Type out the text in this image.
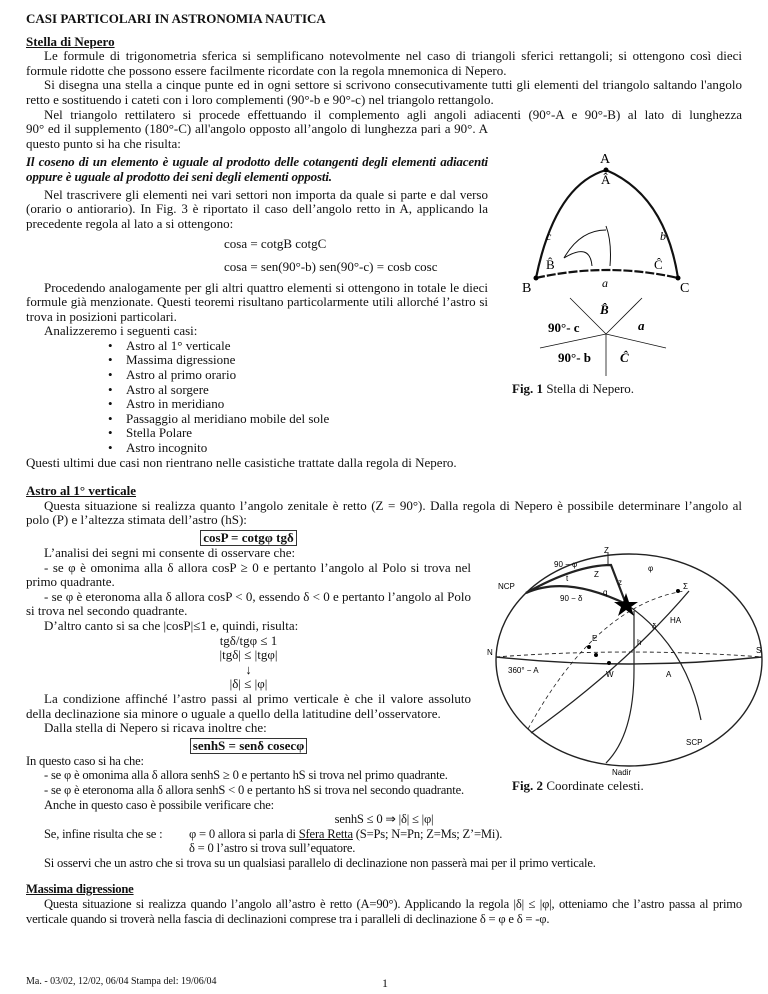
CASI PARTICOLARI IN ASTRONOMIA NAUTICA
Stella di Nepero

Le formule di trigonometria sferica si semplificano notevolmente nel caso di triangoli sferici rettangoli; si ottengono così dieci formule ridotte che possono essere facilmente ricordate con la regola mnemonica di Nepero.

Si disegna una stella a cinque punte ed in ogni settore si scrivono consecutivamente tutti gli elementi del triangolo saltando l'angolo retto e sostituendo i cateti con i loro complementi (90°-b e 90°-c) nel triangolo rettangolo.

Nel triangolo rettilatero si procede effettuando il complemento agli angoli adiacenti (90°-A e 90°-B) al lato di lunghezza

90° ed il supplemento (180°-C) all'angolo opposto all’angolo di lunghezza pari a 90°. A questo punto si ha che risulta:

Il coseno di un elemento è uguale al prodotto delle cotangenti degli elementi adiacenti oppure è uguale al prodotto dei seni degli elementi opposti.

Nel trascrivere gli elementi nei vari settori non importa da quale si parte e dal verso (orario o antiorario). In Fig. 3 è riportato il caso dell’angolo retto in A, applicando la precedente regola al lato a si ottengono:

cosa = cotgB cotgC
cosa = sen(90°-b) sen(90°-c) = cosb cosc

Procedendo analogamente per gli altri quattro elementi si ottengono in totale le dieci formule già menzionate. Questi teoremi risultano particolarmente utili allorché l’astro si trova in posizioni particolari.

Analizzeremo i seguenti casi:

• Astro al 1° verticale
• Massima digressione
• Astro al primo orario
• Astro al sorgere
• Astro in meridiano
• Passaggio al meridiano mobile del sole
• Stella Polare
• Astro incognito

Questi ultimi due casi non rientrano nelle casistiche trattate dalla regola di Nepero.

Astro al 1° verticale

Questa situazione si realizza quanto l’angolo zenitale è retto (Z = 90°). Dalla regola di Nepero è possibile determinare l’angolo al polo (P) e l’altezza stimata dell’astro (hS):

cosP = cotgφ tgδ

L’analisi dei segni mi consente di osservare che:

- se φ è omonima alla δ allora cosP ≥ 0 e pertanto l’angolo al Polo si trova nel primo quadrante.

- se φ è eteronoma alla δ allora cosP < 0, essendo δ < 0 e pertanto l’angolo al Polo si trova nel secondo quadrante.

D’altro canto si sa che |cosP|≤1 e, quindi, risulta:

tgδ/tgφ ≤ 1
|tgδ| ≤ |tgφ|
↓
|δ| ≤ |φ|

La condizione affinché l’astro passi al primo verticale è che il valore assoluto della declinazione sia minore o uguale a quello della latitudine dell’osservatore.

Dalla stella di Nepero si ricava inoltre che:

senhS = senδ cosecφ

In questo caso si ha che:

- se φ è omonima alla δ allora senhS ≥ 0 e pertanto hS si trova nel primo quadrante.

- se φ è eteronoma alla δ allora senhS < 0 e pertanto hS si trova nel secondo quadrante.

Anche in questo caso è possibile verificare che:

senhS ≤ 0 ⇒ |δ| ≤ |φ|
Se, infine risulta che se : φ = 0 allora si parla di Sfera Retta (S=Ps; N=Pn; Z=Ms; Z’=Mi).
δ = 0 l’astro si trova sull’equatore.

Si osservi che un astro che si trova su un qualsiasi parallelo di declinazione non passerà mai per il primo verticale.

Massima digressione

Questa situazione si realizza quando l’angolo all’astro è retto (A=90°). Applicando la regola |δ| ≤ |φ|, otteniamo che l’astro passa al primo verticale quando si troverà nella fascia di declinazioni comprese tra i paralleli di declinazione δ = φ e δ = -φ.

A
Â
c	b
B̂	Ĉ
a
B	C
B̂
a
90°- c
90°- b Ĉ
Fig. 1 Stella di Nepero.
Z
NCP
90 − φ
t	Z
z
φ
90 − δ
q
Σ
HA
δ
h
E
N	S
W
360° − A	A
SCP
Nadir
Fig. 2 Coordinate celesti.
Ma. - 03/02, 12/02, 06/04 Stampa del: 19/06/04	1
